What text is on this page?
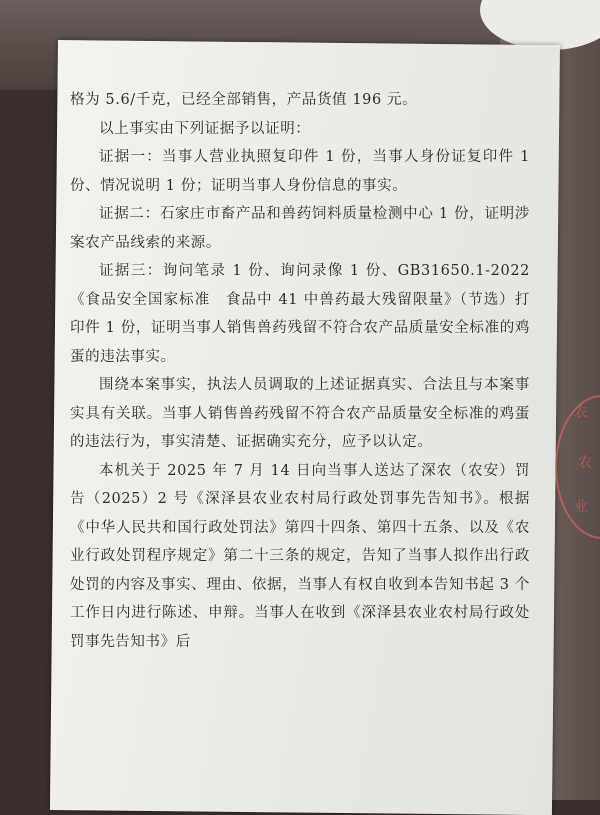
格为 5.6/千克，已经全部销售，产品货值 196 元。

以上事实由下列证据予以证明：

证据一：当事人营业执照复印件 1 份，当事人身份证复印件 1 份、情况说明 1 份；证明当事人身份信息的事实。

证据二：石家庄市畜产品和兽药饲料质量检测中心 1 份，证明涉案农产品线索的来源。

证据三：询问笔录 1 份、询问录像 1 份、GB31650.1-2022《食品安全国家标准　食品中 41 中兽药最大残留限量》（节选）打印件 1 份，证明当事人销售兽药残留不符合农产品质量安全标准的鸡蛋的违法事实。

围绕本案事实，执法人员调取的上述证据真实、合法且与本案事实具有关联。当事人销售兽药残留不符合农产品质量安全标准的鸡蛋的违法行为，事实清楚、证据确实充分，应予以认定。

本机关于 2025 年 7 月 14 日向当事人送达了深农（农安）罚告（2025）2 号《深泽县农业农村局行政处罚事先告知书》。根据《中华人民共和国行政处罚法》第四十四条、第四十五条、以及《农业行政处罚程序规定》第二十三条的规定，告知了当事人拟作出行政处罚的内容及事实、理由、依据，当事人有权自收到本告知书起 3 个工作日内进行陈述、申辩。当事人在收到《深泽县农业农村局行政处罚事先告知书》后

农
农
业
